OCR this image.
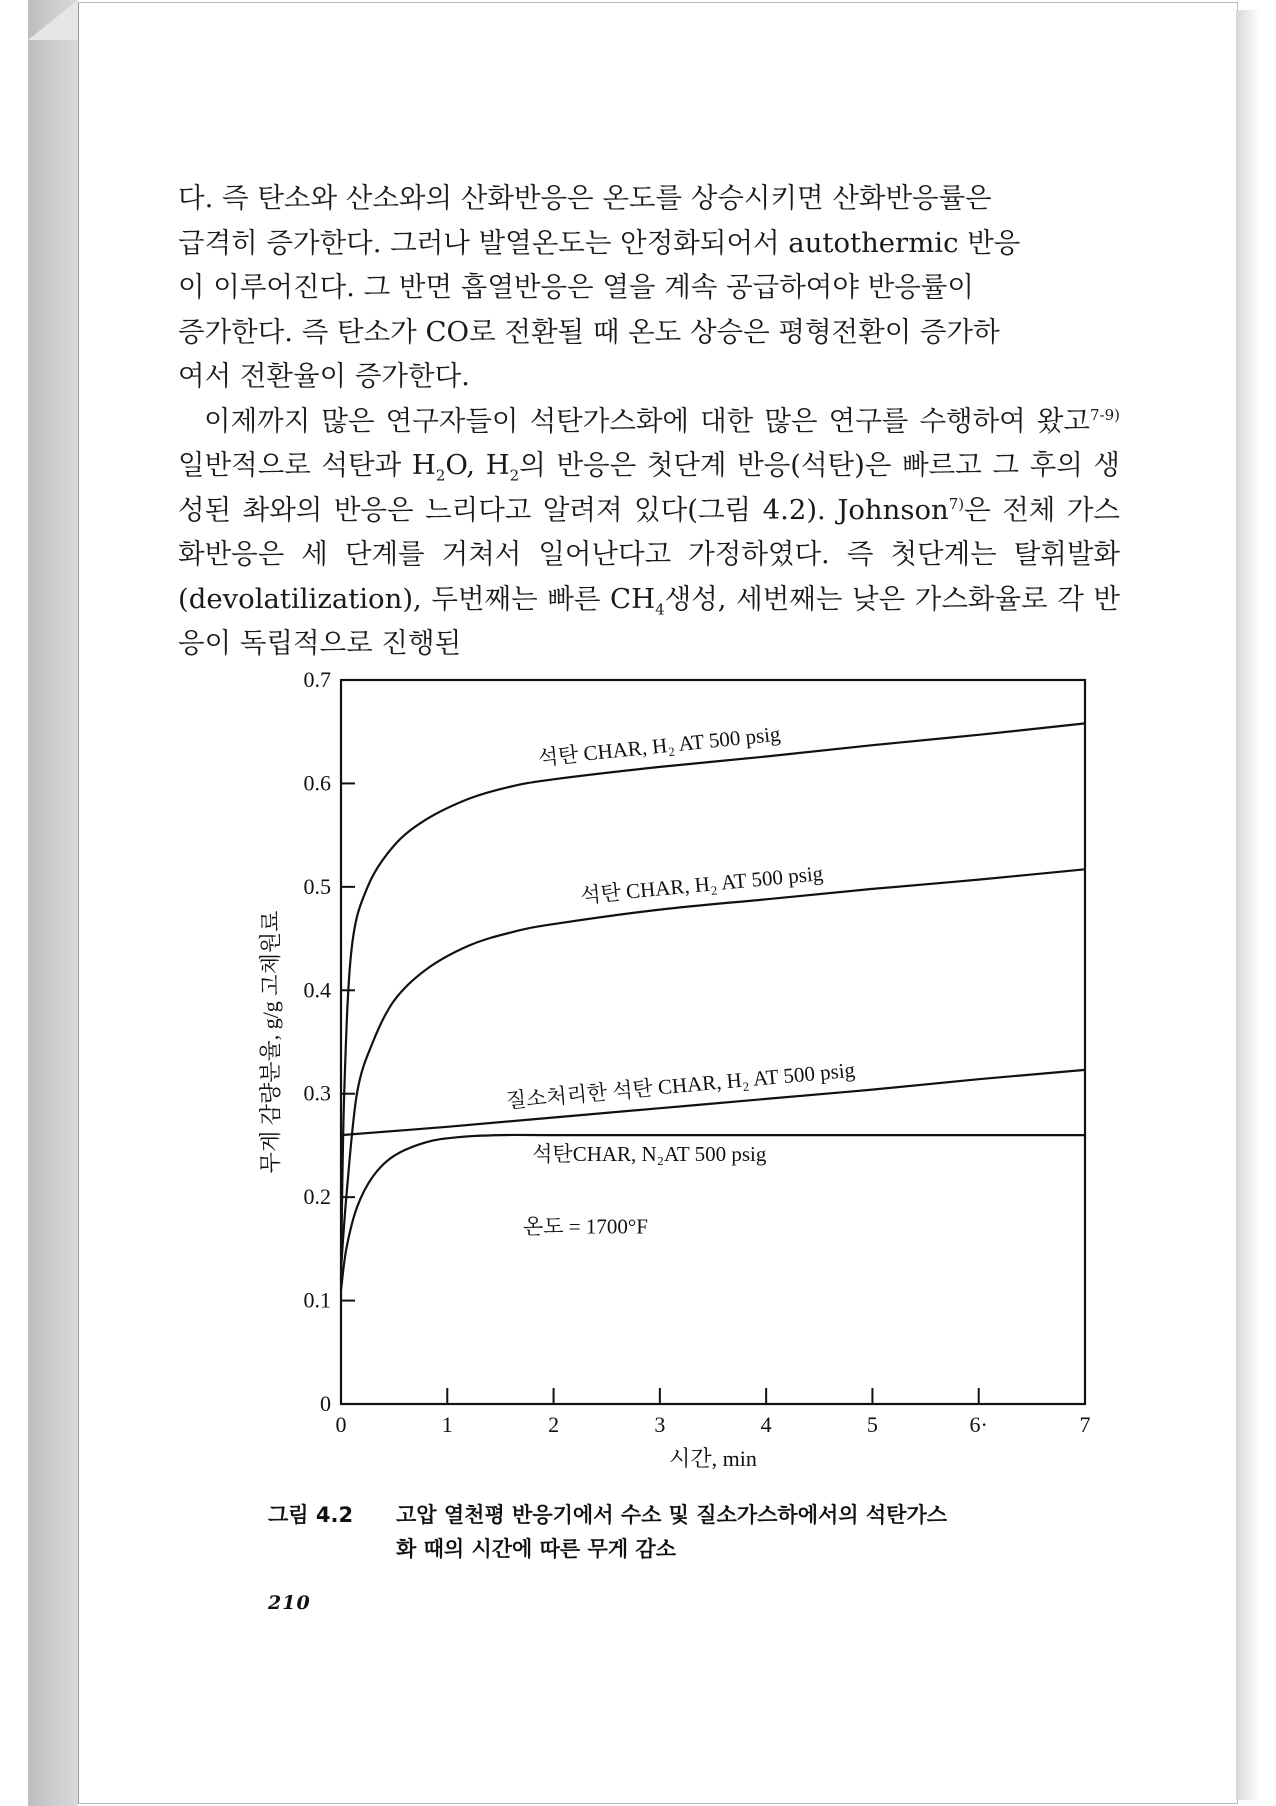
다. 즉 탄소와 산소와의 산화반응은 온도를 상승시키면 산화반응률은
급격히 증가한다. 그러나 발열온도는 안정화되어서 autothermic 반응
이 이루어진다. 그 반면 흡열반응은 열을 계속 공급하여야 반응률이
증가한다. 즉 탄소가 CO로 전환될 때 온도 상승은 평형전환이 증가하
여서 전환율이 증가한다.

이제까지 많은 연구자들이 석탄가스화에 대한 많은 연구를 수행하여 왔고$^{7-9)}$ 일반적으로 석탄과 $H_2O$, $H_2$의 반응은 첫단계 반응(석탄)은 빠르고 그 후의 생성된 촤와의 반응은 느리다고 알려져 있다(그림 4.2). Johnson$^{7)}$은 전체 가스화반응은 세 단계를 거쳐서 일어난다고 가정하였다. 즉 첫단계는 탈휘발화(devolatilization), 두번째는 빠른 $CH_4$생성, 세번째는 낮은 가스화율로 각 반응이 독립적으로 진행된

0
0.1
0.2
0.3
0.4
0.5
0.6
0.7
0	1	2	3	4	5	6·	7
시간, min
무게 감량분율, g/g 고체원료
석탄 CHAR, H₂ AT 500 psig
석탄 CHAR, H₂ AT 500 psig
질소처리한 석탄 CHAR, H₂ AT 500 psig
석탄CHAR, N₂AT 500 psig
온도 = 1700°F
그림 4.2 고압 열천평 반응기에서 수소 및 질소가스하에서의 석탄가스
화 때의 시간에 따른 무게 감소
210
